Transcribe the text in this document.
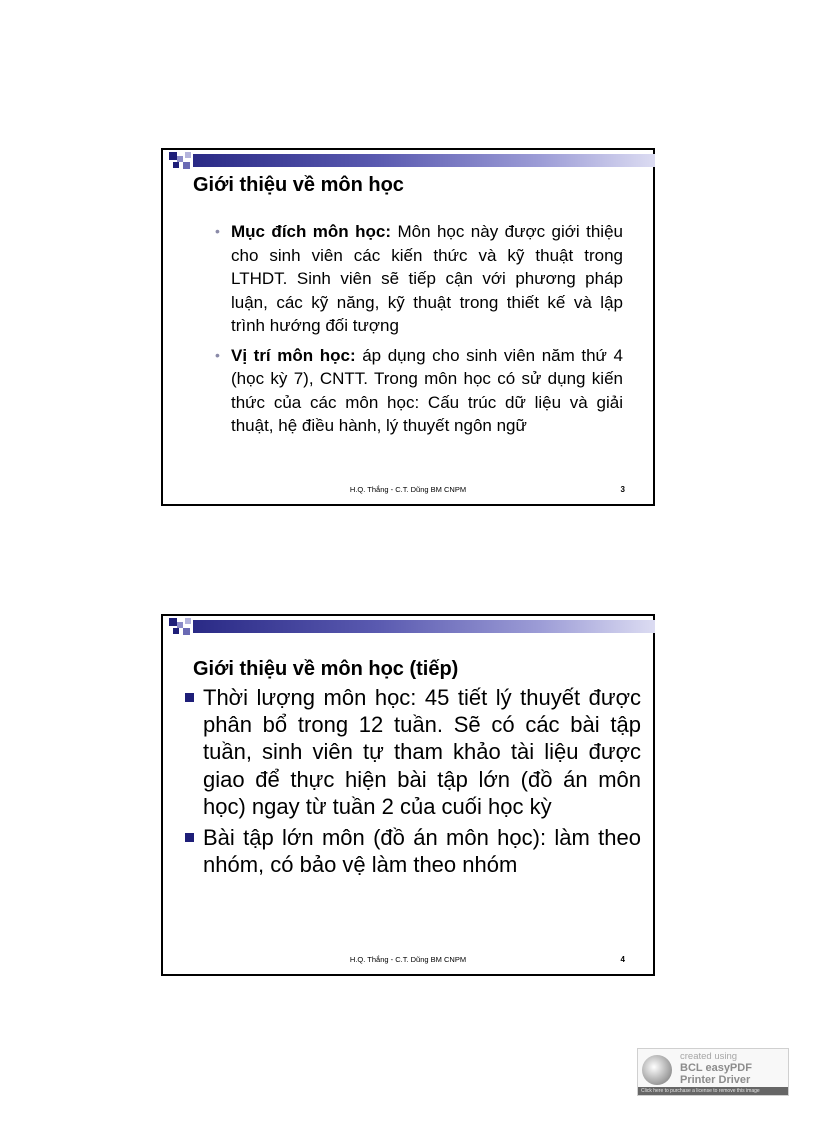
Giới thiệu về môn học
• Mục đích môn học: Môn học này được giới thiệu cho sinh viên các kiến thức và kỹ thuật trong LTHDT. Sinh viên sẽ tiếp cận với phương pháp luận, các kỹ năng, kỹ thuật trong thiết kế và lập trình hướng đối tượng
• Vị trí môn học: áp dụng cho sinh viên năm thứ 4 (học kỳ 7), CNTT. Trong môn học có sử dụng kiến thức của các môn học: Cấu trúc dữ liệu và giải thuật, hệ điều hành, lý thuyết ngôn ngữ
H.Q. Thắng - C.T. Dũng BM CNPM	3
Giới thiệu về môn học (tiếp)
Thời lượng môn học: 45 tiết lý thuyết được phân bổ trong 12 tuần. Sẽ có các bài tập tuần, sinh viên tự tham khảo tài liệu được giao để thực hiện bài tập lớn (đồ án môn học) ngay từ tuần 2 của cuối học kỳ
Bài tập lớn môn (đồ án môn học): làm theo nhóm, có bảo vệ làm theo nhóm
H.Q. Thắng - C.T. Dũng BM CNPM	4
created using
BCL easyPDF
Printer Driver
Click here to purchase a license to remove this image
